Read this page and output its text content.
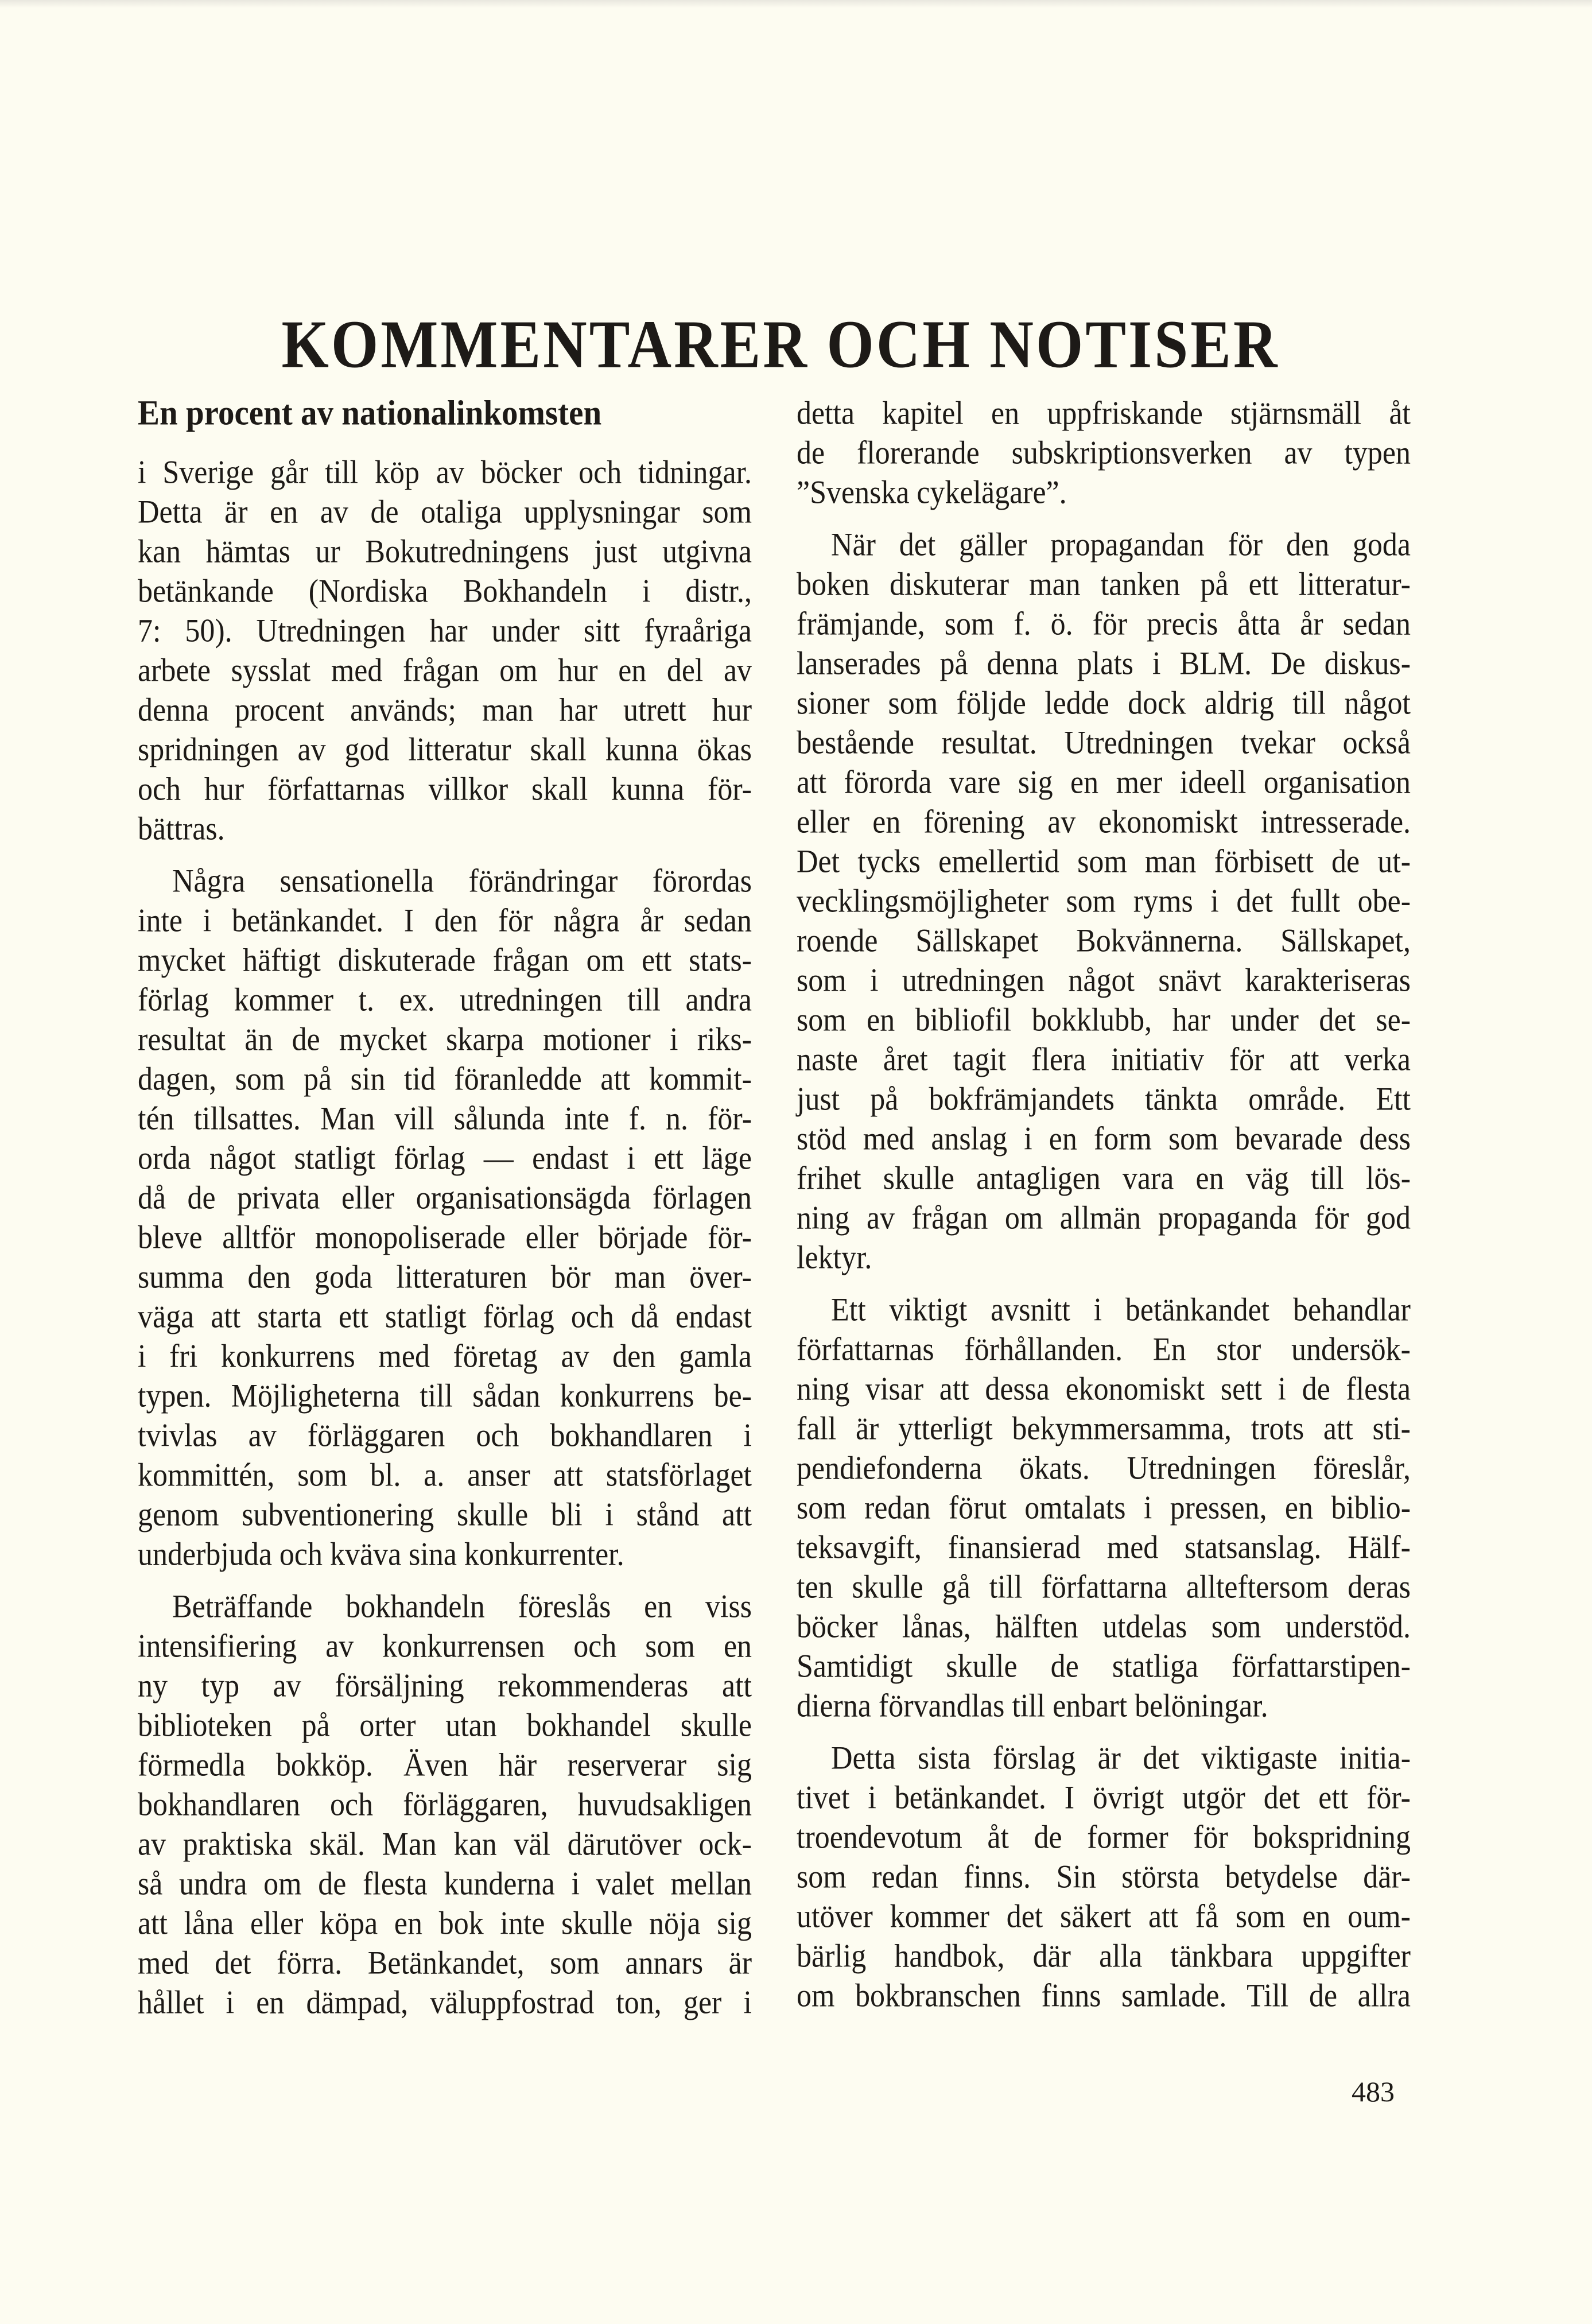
KOMMENTARER OCH NOTISER
En procent av nationalinkomsten
i Sverige går till köp av böcker och tidningar.
Detta är en av de otaliga upplysningar som
kan hämtas ur Bokutredningens just utgivna
betänkande (Nordiska Bokhandeln i distr.,
7: 50). Utredningen har under sitt fyraåriga
arbete sysslat med frågan om hur en del av
denna procent används; man har utrett hur
spridningen av god litteratur skall kunna ökas
och hur författarnas villkor skall kunna för-
bättras.
Några sensationella förändringar förordas
inte i betänkandet. I den för några år sedan
mycket häftigt diskuterade frågan om ett stats-
förlag kommer t. ex. utredningen till andra
resultat än de mycket skarpa motioner i riks-
dagen, som på sin tid föranledde att kommit-
tén tillsattes. Man vill sålunda inte f. n. för-
orda något statligt förlag — endast i ett läge
då de privata eller organisationsägda förlagen
bleve alltför monopoliserade eller började för-
summa den goda litteraturen bör man över-
väga att starta ett statligt förlag och då endast
i fri konkurrens med företag av den gamla
typen. Möjligheterna till sådan konkurrens be-
tvivlas av förläggaren och bokhandlaren i
kommittén, som bl. a. anser att statsförlaget
genom subventionering skulle bli i stånd att
underbjuda och kväva sina konkurrenter.
Beträffande bokhandeln föreslås en viss
intensifiering av konkurrensen och som en
ny typ av försäljning rekommenderas att
biblioteken på orter utan bokhandel skulle
förmedla bokköp. Även här reserverar sig
bokhandlaren och förläggaren, huvudsakligen
av praktiska skäl. Man kan väl därutöver ock-
så undra om de flesta kunderna i valet mellan
att låna eller köpa en bok inte skulle nöja sig
med det förra. Betänkandet, som annars är
hållet i en dämpad, väluppfostrad ton, ger i
detta kapitel en uppfriskande stjärnsmäll åt
de florerande subskriptionsverken av typen
”Svenska cykelägare”.
När det gäller propagandan för den goda
boken diskuterar man tanken på ett litteratur-
främjande, som f. ö. för precis åtta år sedan
lanserades på denna plats i BLM. De diskus-
sioner som följde ledde dock aldrig till något
bestående resultat. Utredningen tvekar också
att förorda vare sig en mer ideell organisation
eller en förening av ekonomiskt intresserade.
Det tycks emellertid som man förbisett de ut-
vecklingsmöjligheter som ryms i det fullt obe-
roende Sällskapet Bokvännerna. Sällskapet,
som i utredningen något snävt karakteriseras
som en bibliofil bokklubb, har under det se-
naste året tagit flera initiativ för att verka
just på bokfrämjandets tänkta område. Ett
stöd med anslag i en form som bevarade dess
frihet skulle antagligen vara en väg till lös-
ning av frågan om allmän propaganda för god
lektyr.
Ett viktigt avsnitt i betänkandet behandlar
författarnas förhållanden. En stor undersök-
ning visar att dessa ekonomiskt sett i de flesta
fall är ytterligt bekymmersamma, trots att sti-
pendiefonderna ökats. Utredningen föreslår,
som redan förut omtalats i pressen, en biblio-
teksavgift, finansierad med statsanslag. Hälf-
ten skulle gå till författarna allteftersom deras
böcker lånas, hälften utdelas som understöd.
Samtidigt skulle de statliga författarstipen-
dierna förvandlas till enbart belöningar.
Detta sista förslag är det viktigaste initia-
tivet i betänkandet. I övrigt utgör det ett för-
troendevotum åt de former för bokspridning
som redan finns. Sin största betydelse där-
utöver kommer det säkert att få som en oum-
bärlig handbok, där alla tänkbara uppgifter
om bokbranschen finns samlade. Till de allra
483
